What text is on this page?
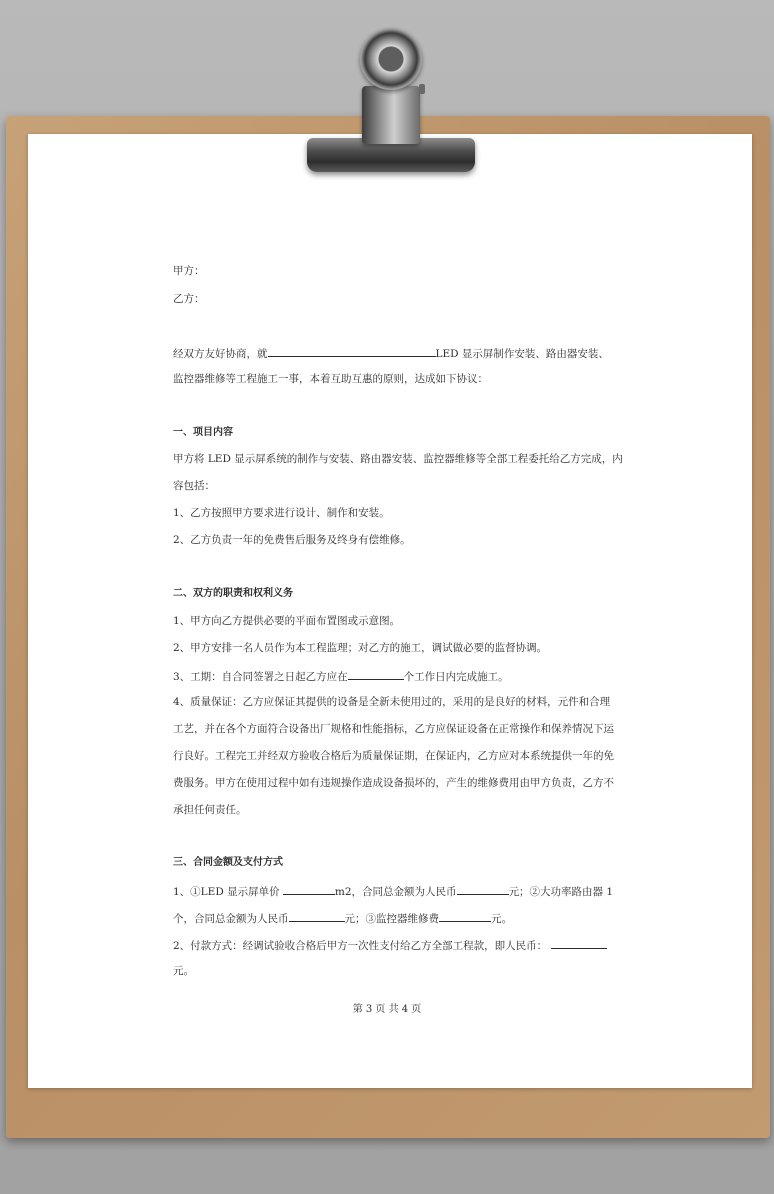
甲方：

乙方：

经双方友好协商，就	LED 显示屏制作安装、路由器安装、

监控器维修等工程施工一事，本着互助互惠的原则，达成如下协议：

一、项目内容

甲方将 LED 显示屏系统的制作与安装、路由器安装、监控器维修等全部工程委托给乙方完成，内

容包括：

1、乙方按照甲方要求进行设计、制作和安装。

2、乙方负责一年的免费售后服务及终身有偿维修。

二、双方的职责和权利义务

1、甲方向乙方提供必要的平面布置图或示意图。

2、甲方安排一名人员作为本工程监理；对乙方的施工，调试做必要的监督协调。

3、工期：自合同签署之日起乙方应在	个工作日内完成施工。

4、质量保证：乙方应保证其提供的设备是全新未使用过的，采用的是良好的材料，元件和合理

工艺，并在各个方面符合设备出厂规格和性能指标，乙方应保证设备在正常操作和保养情况下运

行良好。工程完工并经双方验收合格后为质量保证期，在保证内，乙方应对本系统提供一年的免

费服务。甲方在使用过程中如有违规操作造成设备损坏的，产生的维修费用由甲方负责，乙方不

承担任何责任。

三、合同金额及支付方式

1、①LED 显示屏单价	m2，合同总金额为人民币	元；②大功率路由器 1

个，合同总金额为人民币	元；③监控器维修费	元。

2、付款方式：经调试验收合格后甲方一次性支付给乙方全部工程款，即人民币：

元。

第 3 页 共 4 页
